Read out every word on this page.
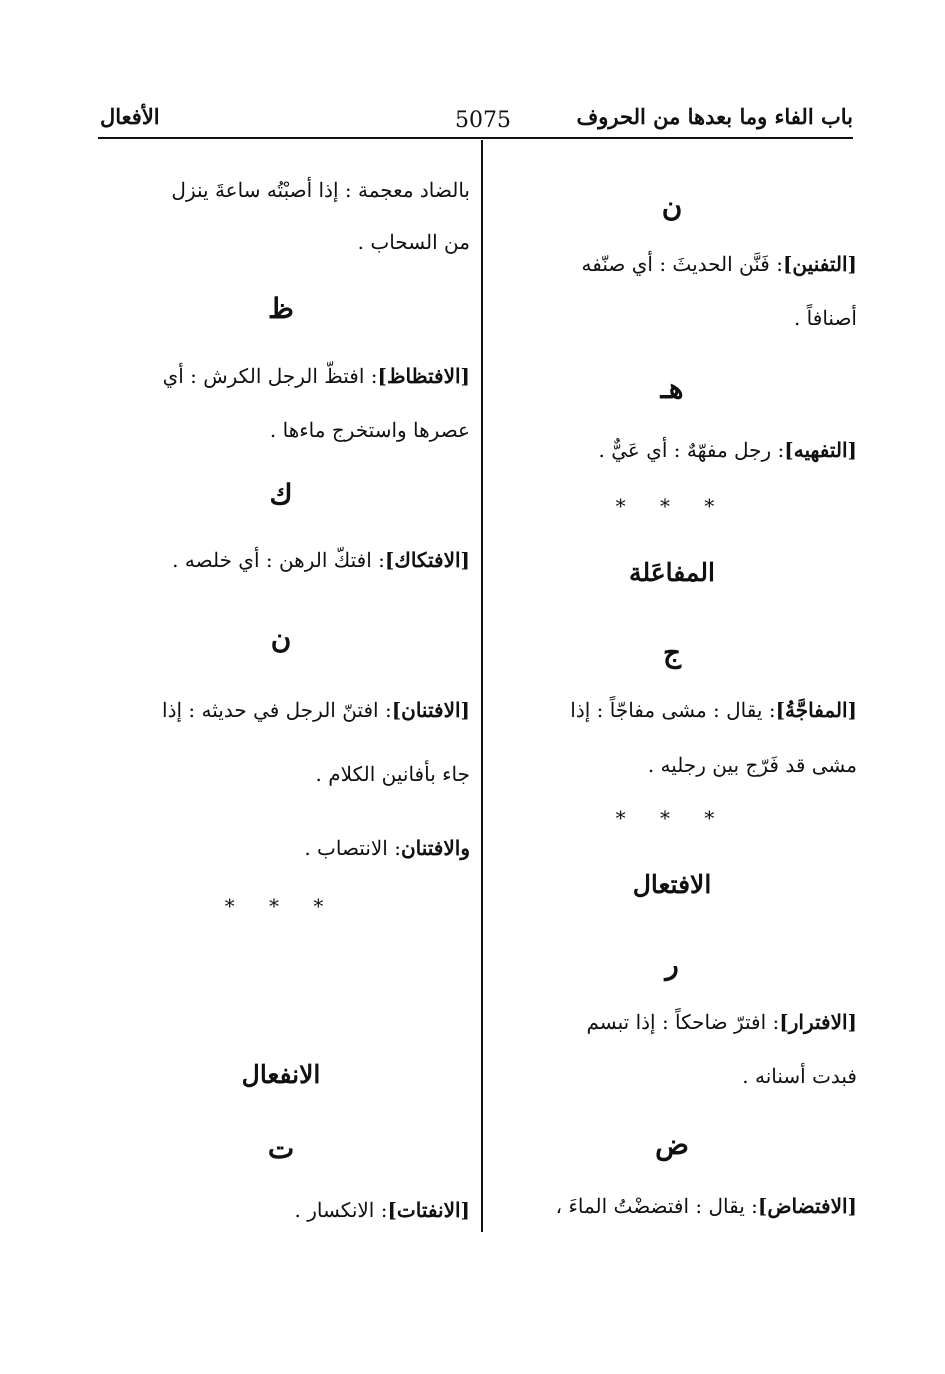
باب الفاء وما بعدها من الحروف
5075
الأفعال
ن
[التفنين]: فَنَّن الحديثَ : أي صنّفه
أصنافاً .
هـ
[التفهيه]: رجل مفهّهٌ : أي عَيٌّ .
* * *
المفاعَلة
ج
[المفاجَّةُ]: يقال : مشى مفاجّاً : إذا
مشى قد فَرّج بين رجليه .
* * *
الافتعال
ر
[الافترار]: افترّ ضاحكاً : إذا تبسم
فبدت أسنانه .
ض
[الافتضاض]: يقال : افتضضْتُ الماءَ ،
بالضاد معجمة : إذا أصبْتُه ساعةَ ينزل
من السحاب .
ظ
[الافتظاظ]: افتظّ الرجل الكرش : أي
عصرها واستخرج ماءها .
ك
[الافتكاك]: افتكّ الرهن : أي خلصه .
ن
[الافتنان]: افتنّ الرجل في حديثه : إذا
جاء بأفانين الكلام .
والافتنان: الانتصاب .
* * *
الانفعال
ت
[الانفتات]: الانكسار .
